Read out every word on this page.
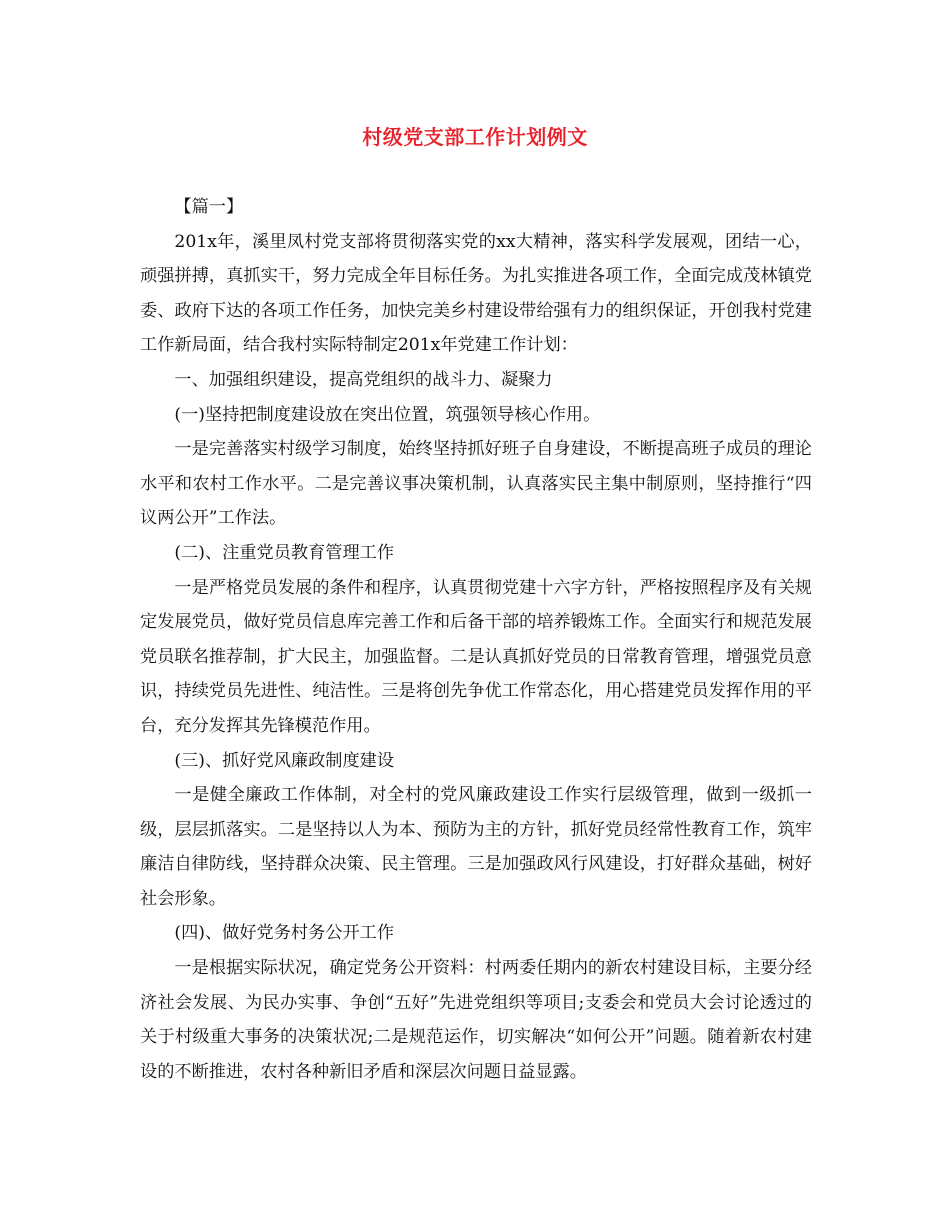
村级党支部工作计划例文

【篇一】

201x年，溪里凤村党支部将贯彻落实党的xx大精神，落实科学发展观，团结一心，顽强拼搏，真抓实干，努力完成全年目标任务。为扎实推进各项工作，全面完成茂林镇党委、政府下达的各项工作任务，加快完美乡村建设带给强有力的组织保证，开创我村党建工作新局面，结合我村实际特制定201x年党建工作计划：

一、加强组织建设，提高党组织的战斗力、凝聚力

(一)坚持把制度建设放在突出位置，筑强领导核心作用。

一是完善落实村级学习制度，始终坚持抓好班子自身建设，不断提高班子成员的理论水平和农村工作水平。二是完善议事决策机制，认真落实民主集中制原则，坚持推行“四议两公开”工作法。

(二)、注重党员教育管理工作

一是严格党员发展的条件和程序，认真贯彻党建十六字方针，严格按照程序及有关规定发展党员，做好党员信息库完善工作和后备干部的培养锻炼工作。全面实行和规范发展党员联名推荐制，扩大民主，加强监督。二是认真抓好党员的日常教育管理，增强党员意识，持续党员先进性、纯洁性。三是将创先争优工作常态化，用心搭建党员发挥作用的平台，充分发挥其先锋模范作用。

(三)、抓好党风廉政制度建设

一是健全廉政工作体制，对全村的党风廉政建设工作实行层级管理，做到一级抓一级，层层抓落实。二是坚持以人为本、预防为主的方针，抓好党员经常性教育工作，筑牢廉洁自律防线，坚持群众决策、民主管理。三是加强政风行风建设，打好群众基础，树好社会形象。

(四)、做好党务村务公开工作

一是根据实际状况，确定党务公开资料：村两委任期内的新农村建设目标，主要分经济社会发展、为民办实事、争创“五好”先进党组织等项目;支委会和党员大会讨论透过的关于村级重大事务的决策状况;二是规范运作，切实解决“如何公开”问题。随着新农村建设的不断推进，农村各种新旧矛盾和深层次问题日益显露。
